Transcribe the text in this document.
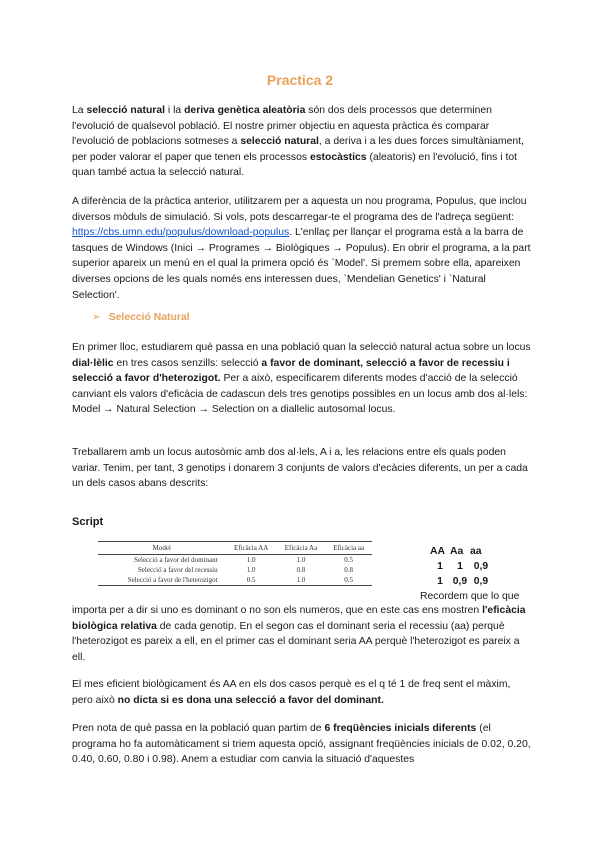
Practica 2

La selecció natural i la deriva genètica aleatòria són dos dels processos que determinen l'evolució de qualsevol població. El nostre primer objectiu en aquesta pràctica és comparar l'evolució de poblacions sotmeses a selecció natural, a deriva i a les dues forces simultàniament, per poder valorar el paper que tenen els processos estocàstics (aleatoris) en l'evolució, fins i tot quan també actua la selecció natural.

A diferència de la pràctica anterior, utilitzarem per a aquesta un nou programa, Populus, que inclou diversos mòduls de simulació. Si vols, pots descarregar-te el programa des de l'adreça següent: https://cbs.umn.edu/populus/download-populus. L'enllaç per llançar el programa està a la barra de tasques de Windows (Inici → Programes → Biològiques → Populus). En obrir el programa, a la part superior apareix un menú en el qual la primera opció és `Model'. Si premem sobre ella, apareixen diverses opcions de les quals només ens interessen dues, `Mendelian Genetics' i `Natural Selection'.

➢ Selecció Natural

En primer lloc, estudiarem què passa en una població quan la selecció natural actua sobre un locus dial·lèlic en tres casos senzills: selecció a favor de dominant, selecció a favor de recessiu i selecció a favor d'heterozigot. Per a això, especificarem diferents modes d'acció de la selecció canviant els valors d'eficàcia de cadascun dels tres genotips possibles en un locus amb dos al·lels: Model → Natural Selection → Selection on a diallelic autosomal locus.

Treballarem amb un locus autosòmic amb dos al·lels, A i a, les relacions entre els quals poden variar. Tenim, per tant, 3 genotips i donarem 3 conjunts de valors d'ecàcies diferents, un per a cada un dels casos abans descrits:

Script
Model	Eficàcia AA	Eficàcia Aa	Eficàcia aa
Selecció a favor del dominant	1.0	1.0	0.5
Selecció a favor del recessiu	1.0	0.8	0.8
Selecció a favor de l'heterozigot	0.5	1.0	0.5
AA Aa aa
1	1	0,9
1 0,9 0,9
Recordem que lo que

importa per a dir si uno es dominant o no son els numeros, que en este cas ens mostren l'eficàcia biològica relativa de cada genotip. En el segon cas el dominant seria el recessiu (aa) perquè l'heterozigot es pareix a ell, en el primer cas el dominant seria AA perquè l'heterozigot es pareix a ell.

El mes eficient biològicament és AA en els dos casos perquè es el q té 1 de freq sent el màxim, pero això no dicta si es dona una selecció a favor del dominant.

Pren nota de què passa en la població quan partim de 6 freqüències inicials diferents (el programa ho fa automàticament si triem aquesta opció, assignant freqüències inicials de 0.02, 0.20, 0.40, 0.60, 0.80 i 0.98). Anem a estudiar com canvia la situació d'aquestes
